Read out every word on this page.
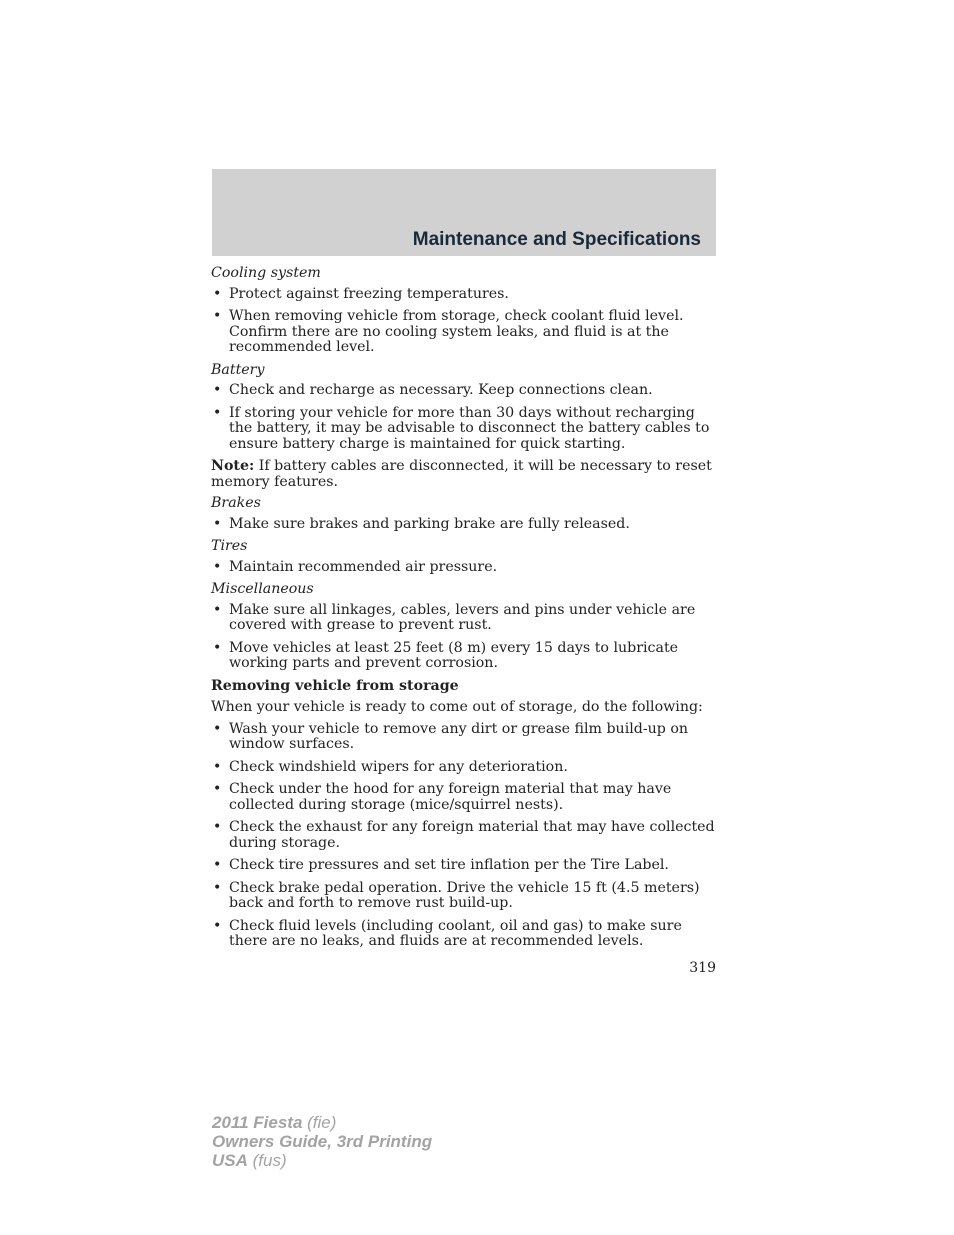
Maintenance and Specifications
Cooling system
• Protect against freezing temperatures.
• When removing vehicle from storage, check coolant fluid level. Confirm there are no cooling system leaks, and fluid is at the recommended level.
Battery
• Check and recharge as necessary. Keep connections clean.
• If storing your vehicle for more than 30 days without recharging the battery, it may be advisable to disconnect the battery cables to ensure battery charge is maintained for quick starting.
Note: If battery cables are disconnected, it will be necessary to reset memory features.
Brakes
• Make sure brakes and parking brake are fully released.
Tires
• Maintain recommended air pressure.
Miscellaneous
• Make sure all linkages, cables, levers and pins under vehicle are covered with grease to prevent rust.
• Move vehicles at least 25 feet (8 m) every 15 days to lubricate working parts and prevent corrosion.
Removing vehicle from storage
When your vehicle is ready to come out of storage, do the following:
• Wash your vehicle to remove any dirt or grease film build-up on window surfaces.
• Check windshield wipers for any deterioration.
• Check under the hood for any foreign material that may have collected during storage (mice/squirrel nests).
• Check the exhaust for any foreign material that may have collected during storage.
• Check tire pressures and set tire inflation per the Tire Label.
• Check brake pedal operation. Drive the vehicle 15 ft (4.5 meters) back and forth to remove rust build-up.
• Check fluid levels (including coolant, oil and gas) to make sure there are no leaks, and fluids are at recommended levels.
319
2011 Fiesta (fie)
Owners Guide, 3rd Printing
USA (fus)
